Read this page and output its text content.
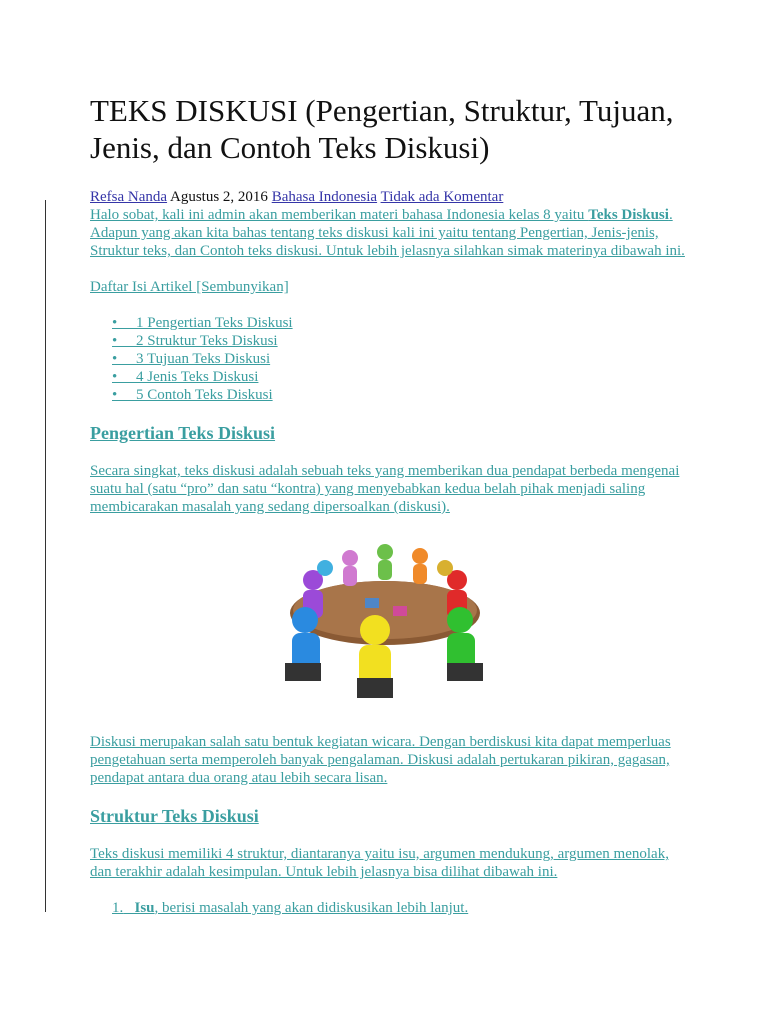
TEKS DISKUSI (Pengertian, Struktur, Tujuan, Jenis, dan Contoh Teks Diskusi)
Refsa Nanda Agustus 2, 2016 Bahasa Indonesia Tidak ada Komentar

Halo sobat, kali ini admin akan memberikan materi bahasa Indonesia kelas 8 yaitu Teks Diskusi. Adapun yang akan kita bahas tentang teks diskusi kali ini yaitu tentang Pengertian, Jenis-jenis, Struktur teks, dan Contoh teks diskusi. Untuk lebih jelasnya silahkan simak materinya dibawah ini.

Daftar Isi Artikel [Sembunyikan]

•     1 Pengertian Teks Diskusi
•     2 Struktur Teks Diskusi
•     3 Tujuan Teks Diskusi
•     4 Jenis Teks Diskusi
•     5 Contoh Teks Diskusi
Pengertian Teks Diskusi

Secara singkat, teks diskusi adalah sebuah teks yang memberikan dua pendapat berbeda mengenai suatu hal (satu “pro” dan satu “kontra) yang menyebabkan kedua belah pihak menjadi saling membicarakan masalah yang sedang dipersoalkan (diskusi).

Diskusi merupakan salah satu bentuk kegiatan wicara. Dengan berdiskusi kita dapat memperluas pengetahuan serta memperoleh banyak pengalaman. Diskusi adalah pertukaran pikiran, gagasan, pendapat antara dua orang atau lebih secara lisan.

Struktur Teks Diskusi

Teks diskusi memiliki 4 struktur, diantaranya yaitu isu, argumen mendukung, argumen menolak, dan terakhir adalah kesimpulan. Untuk lebih jelasnya bisa dilihat dibawah ini.

1. Isu, berisi masalah yang akan didiskusikan lebih lanjut.
